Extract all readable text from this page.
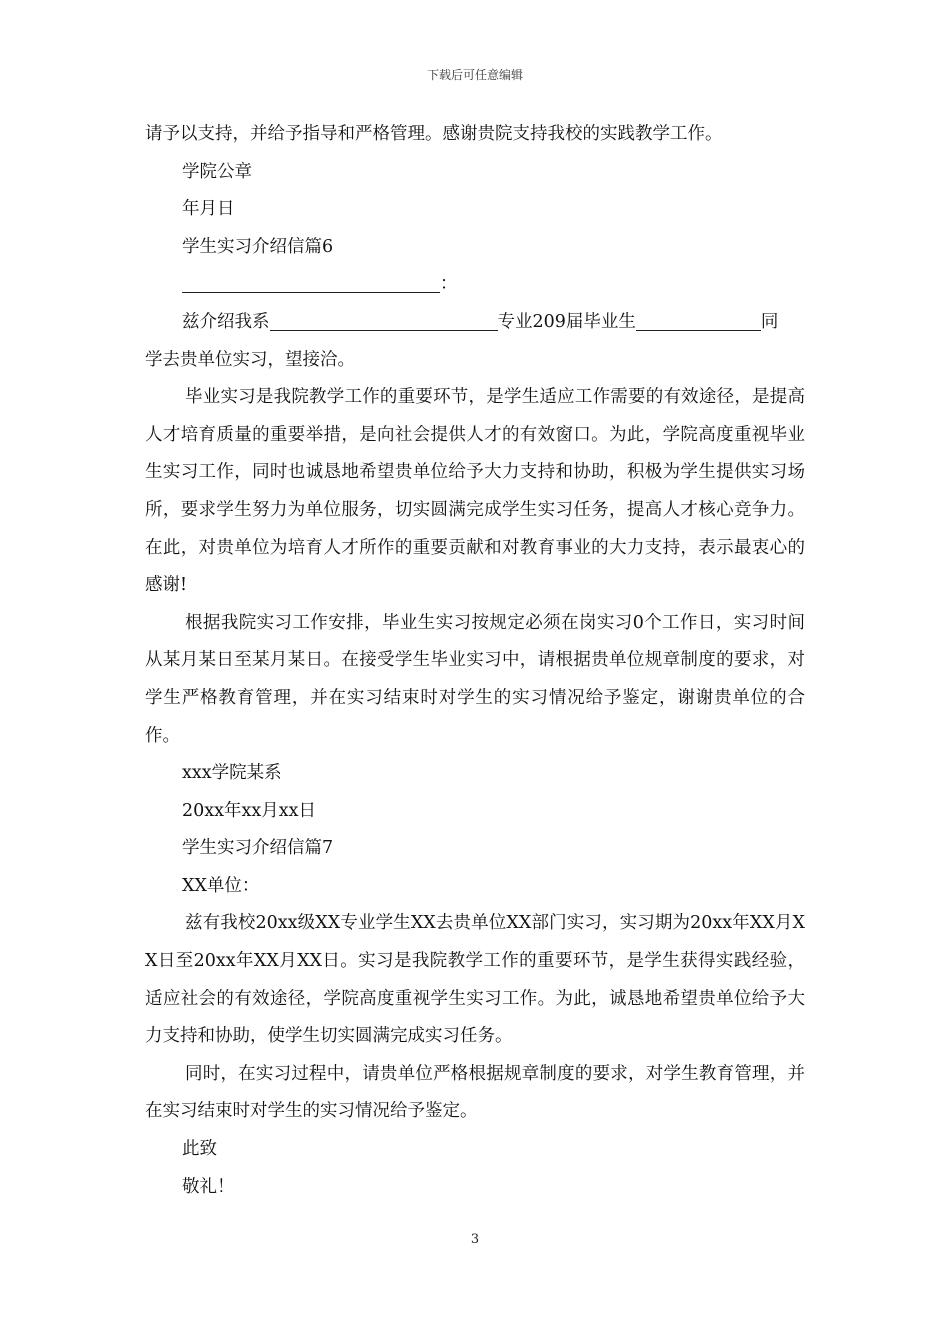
下载后可任意编辑

请予以支持，并给予指导和严格管理。感谢贵院支持我校的实践教学工作。

学院公章

年月日

学生实习介绍信篇6

：

兹介绍我系	专业209届毕业生	同

学去贵单位实习，望接洽。

毕业实习是我院教学工作的重要环节，是学生适应工作需要的有效途径，是提高人才培育质量的重要举措，是向社会提供人才的有效窗口。为此，学院高度重视毕业生实习工作，同时也诚恳地希望贵单位给予大力支持和协助，积极为学生提供实习场所，要求学生努力为单位服务，切实圆满完成学生实习任务，提高人才核心竞争力。在此，对贵单位为培育人才所作的重要贡献和对教育事业的大力支持，表示最衷心的感谢!

根据我院实习工作安排，毕业生实习按规定必须在岗实习0个工作日，实习时间从某月某日至某月某日。在接受学生毕业实习中，请根据贵单位规章制度的要求，对学生严格教育管理，并在实习结束时对学生的实习情况给予鉴定，谢谢贵单位的合作。

xxx学院某系

20xx年xx月xx日

学生实习介绍信篇7

XX单位：

兹有我校20xx级XX专业学生XX去贵单位XX部门实习，实习期为20xx年XX月XX日至20xx年XX月XX日。实习是我院教学工作的重要环节，是学生获得实践经验，适应社会的有效途径，学院高度重视学生实习工作。为此，诚恳地希望贵单位给予大力支持和协助，使学生切实圆满完成实习任务。

同时，在实习过程中，请贵单位严格根据规章制度的要求，对学生教育管理，并在实习结束时对学生的实习情况给予鉴定。

此致

敬礼！

3
